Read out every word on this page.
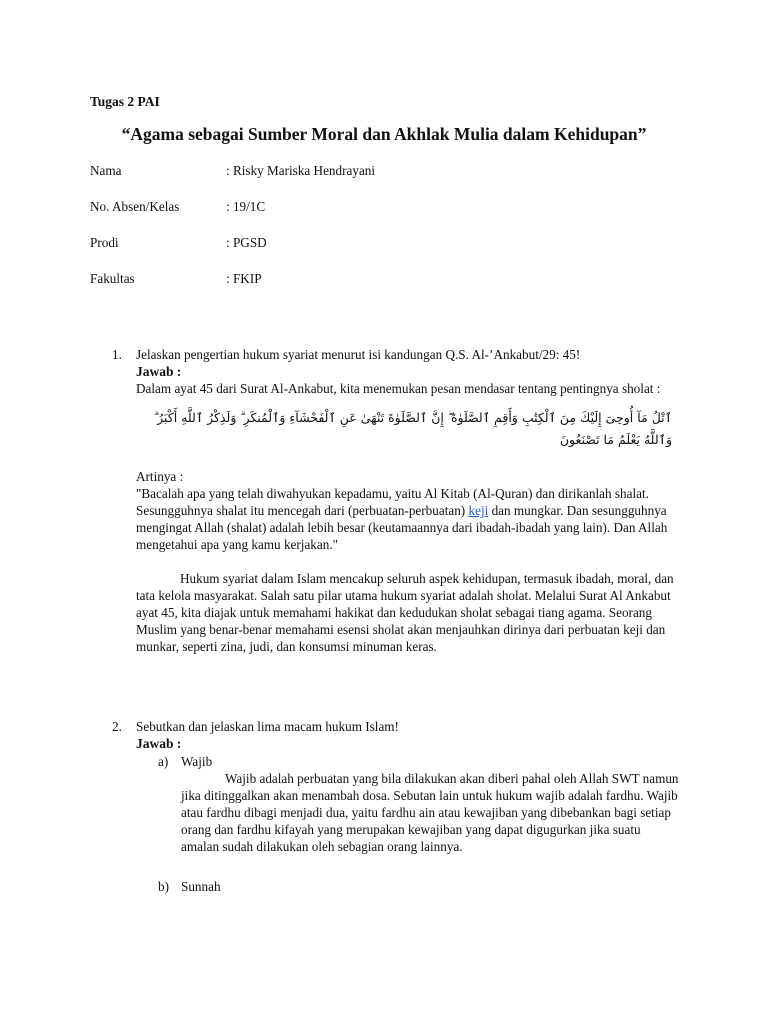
Tugas 2 PAI
“Agama sebagai Sumber Moral dan Akhlak Mulia dalam Kehidupan”
Nama	: Risky Mariska Hendrayani
No. Absen/Kelas	: 19/1C
Prodi	: PGSD
Fakultas	: FKIP
1. Jelaskan pengertian hukum syariat menurut isi kandungan Q.S. Al-’Ankabut/29: 45!

Jawab :

Dalam ayat 45 dari Surat Al-Ankabut, kita menemukan pesan mendasar tentang pentingnya sholat :

ٱتْلُ مَآ أُوحِىَ إِلَيْكَ مِنَ ٱلْكِتَٰبِ وَأَقِمِ ٱلصَّلَوٰةَ ۖ إِنَّ ٱلصَّلَوٰةَ تَنْهَىٰ عَنِ ٱلْفَحْشَآءِ وَٱلْمُنكَرِ ۗ وَلَذِكْرُ ٱللَّهِ أَكْبَرُ ۗ وَٱللَّهُ يَعْلَمُ مَا تَصْنَعُونَ

Artinya :

"Bacalah apa yang telah diwahyukan kepadamu, yaitu Al Kitab (Al-Quran) dan dirikanlah shalat. Sesungguhnya shalat itu mencegah dari (perbuatan-perbuatan) keji dan mungkar. Dan sesungguhnya mengingat Allah (shalat) adalah lebih besar (keutamaannya dari ibadah-ibadah yang lain). Dan Allah mengetahui apa yang kamu kerjakan."

Hukum syariat dalam Islam mencakup seluruh aspek kehidupan, termasuk ibadah, moral, dan tata kelola masyarakat. Salah satu pilar utama hukum syariat adalah sholat. Melalui Surat Al Ankabut ayat 45, kita diajak untuk memahami hakikat dan kedudukan sholat sebagai tiang agama. Seorang Muslim yang benar-benar memahami esensi sholat akan menjauhkan dirinya dari perbuatan keji dan munkar, seperti zina, judi, dan konsumsi minuman keras.

2. Sebutkan dan jelaskan lima macam hukum Islam!

Jawab :

a) Wajib

Wajib adalah perbuatan yang bila dilakukan akan diberi pahal oleh Allah SWT namun jika ditinggalkan akan menambah dosa. Sebutan lain untuk hukum wajib adalah fardhu. Wajib atau fardhu dibagi menjadi dua, yaitu fardhu ain atau kewajiban yang dibebankan bagi setiap orang dan fardhu kifayah yang merupakan kewajiban yang dapat digugurkan jika suatu amalan sudah dilakukan oleh sebagian orang lainnya.

b) Sunnah
